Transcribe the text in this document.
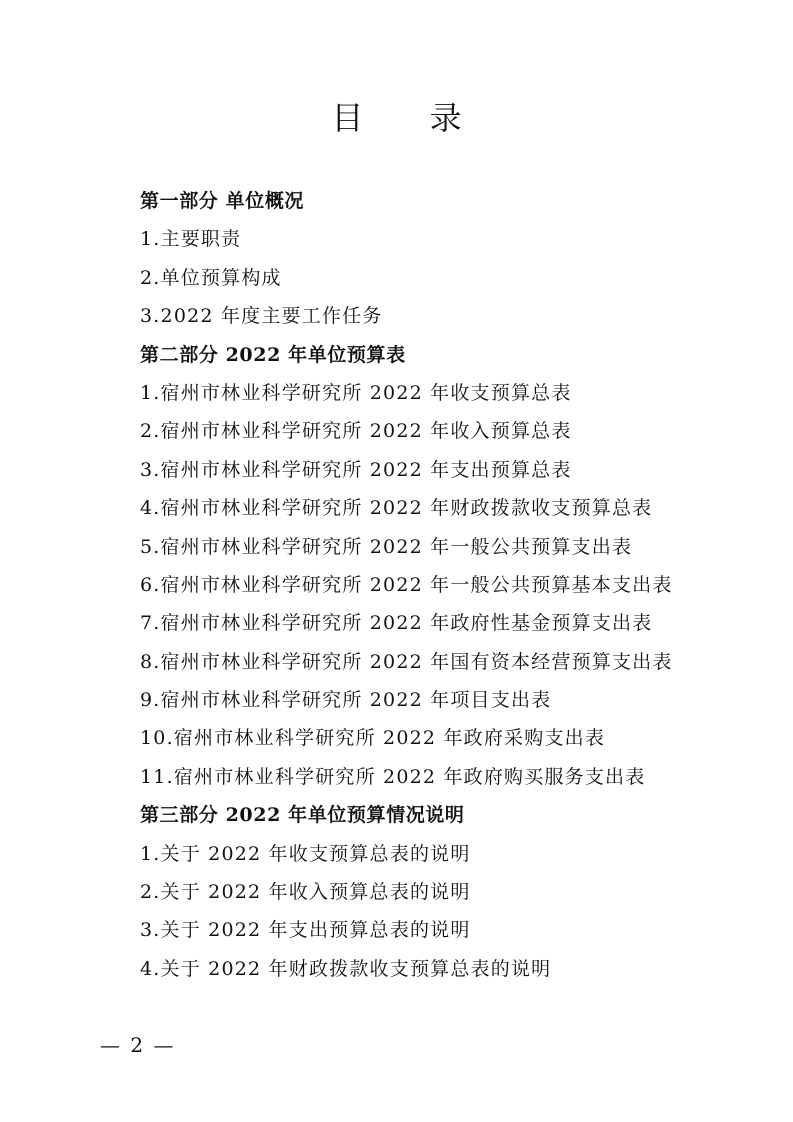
目 录
第一部分 单位概况
1.主要职责
2.单位预算构成
3.2022 年度主要工作任务
第二部分 2022 年单位预算表
1.宿州市林业科学研究所 2022 年收支预算总表
2.宿州市林业科学研究所 2022 年收入预算总表
3.宿州市林业科学研究所 2022 年支出预算总表
4.宿州市林业科学研究所 2022 年财政拨款收支预算总表
5.宿州市林业科学研究所 2022 年一般公共预算支出表
6.宿州市林业科学研究所 2022 年一般公共预算基本支出表
7.宿州市林业科学研究所 2022 年政府性基金预算支出表
8.宿州市林业科学研究所 2022 年国有资本经营预算支出表
9.宿州市林业科学研究所 2022 年项目支出表
10.宿州市林业科学研究所 2022 年政府采购支出表
11.宿州市林业科学研究所 2022 年政府购买服务支出表
第三部分 2022 年单位预算情况说明
1.关于 2022 年收支预算总表的说明
2.关于 2022 年收入预算总表的说明
3.关于 2022 年支出预算总表的说明
4.关于 2022 年财政拨款收支预算总表的说明
— 2 —
